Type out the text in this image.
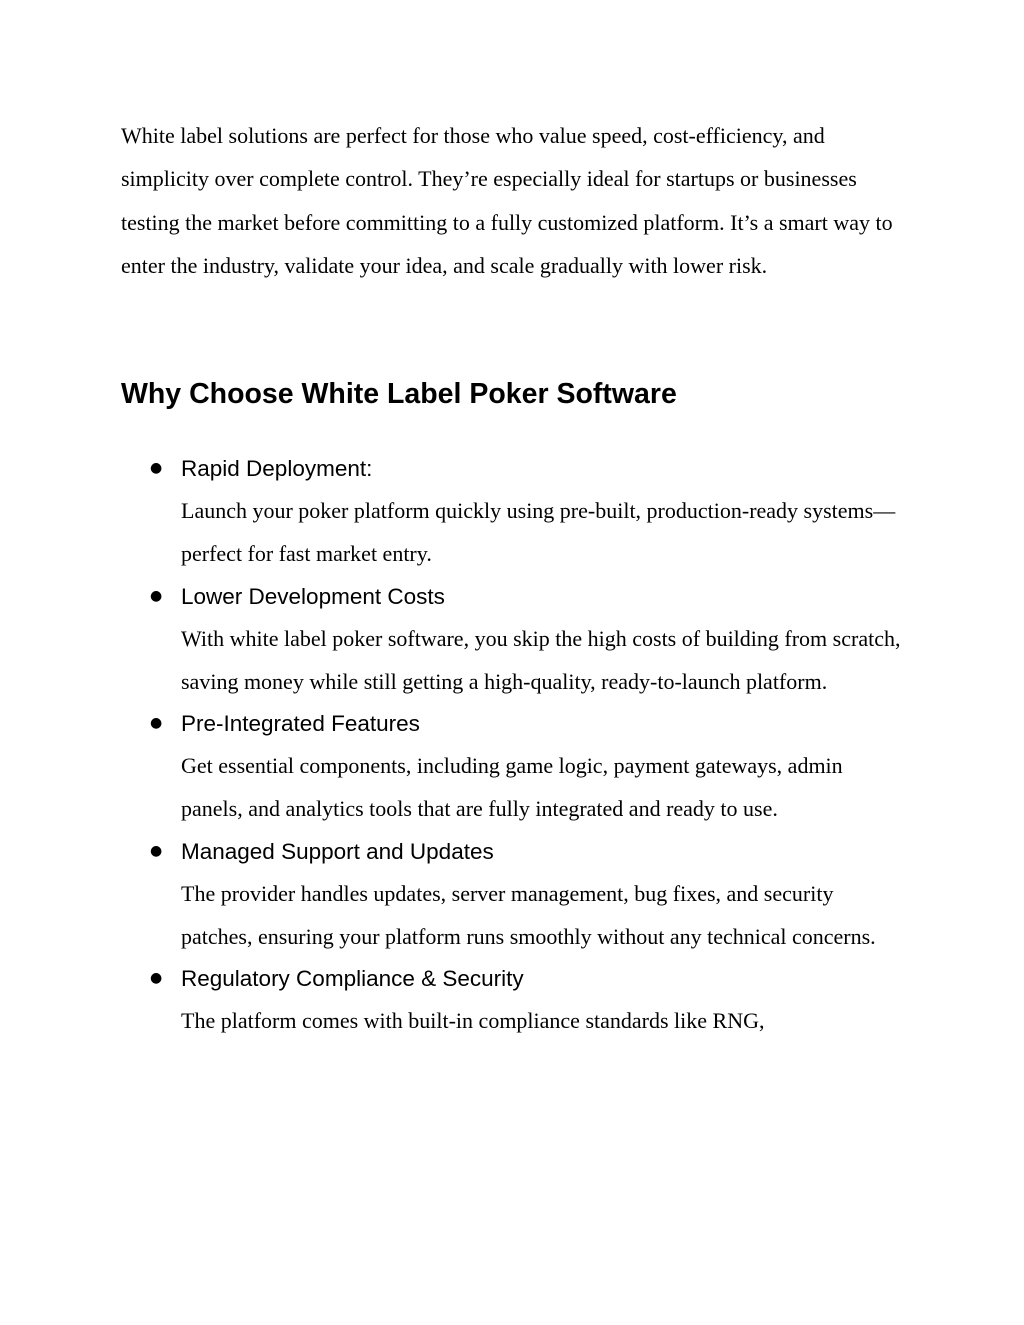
White label solutions are perfect for those who value speed, cost-efficiency, and simplicity over complete control. They’re especially ideal for startups or businesses testing the market before committing to a fully customized platform. It’s a smart way to enter the industry, validate your idea, and scale gradually with lower risk.

Why Choose White Label Poker Software
● Rapid Deployment:
Launch your poker platform quickly using pre-built, production-ready systems—perfect for fast market entry.
● Lower Development Costs
With white label poker software, you skip the high costs of building from scratch, saving money while still getting a high-quality, ready-to-launch platform.
● Pre-Integrated Features
Get essential components, including game logic, payment gateways, admin panels, and analytics tools that are fully integrated and ready to use.
● Managed Support and Updates
The provider handles updates, server management, bug fixes, and security patches, ensuring your platform runs smoothly without any technical concerns.
● Regulatory Compliance & Security
The platform comes with built-in compliance standards like RNG,
